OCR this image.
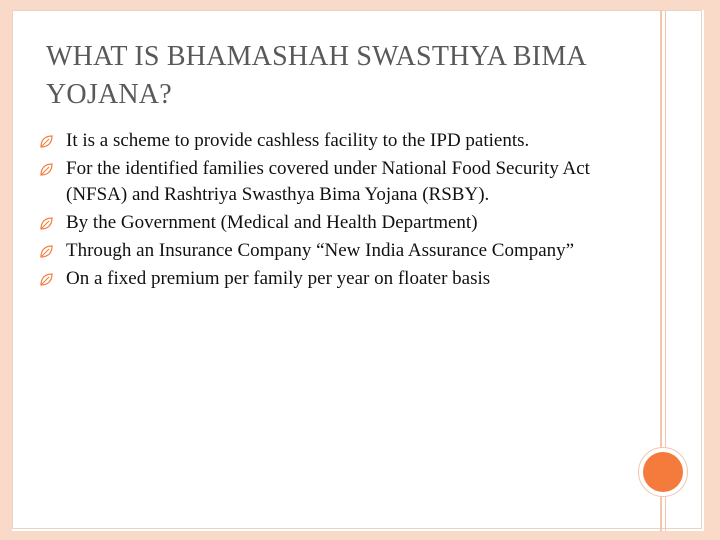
WHAT IS BHAMASHAH SWASTHYA BIMA YOJANA?
It is a scheme to provide cashless facility to the IPD patients.
For the identified families covered under National Food Security Act (NFSA) and Rashtriya Swasthya Bima Yojana (RSBY).
By the Government (Medical and Health Department)
Through an Insurance Company “New India Assurance Company”
On a fixed premium per family per year on floater basis
